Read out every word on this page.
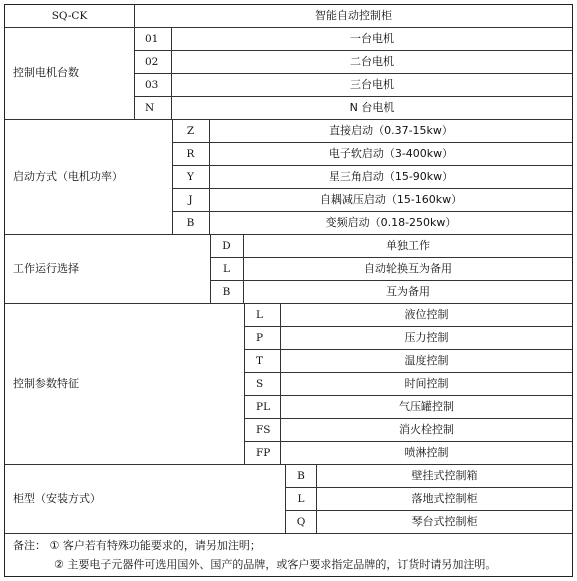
SQ-CK	智能自动控制柜
控制电机台数
01	一台电机
02	二台电机
03	三台电机
N	N 台电机
启动方式（电机功率）
Z	直接启动（0.37-15kw）
R	电子软启动（3-400kw）
Y	星三角启动（15-90kw）
J	自耦减压启动（15-160kw）
B	变频启动（0.18-250kw）
工作运行选择
D	单独工作
L	自动轮换互为备用
B	互为备用
控制参数特征
L	液位控制
P	压力控制
T	温度控制
S	时间控制
PL	气压罐控制
FS	消火栓控制
FP	喷淋控制
柜型（安装方式）
B	壁挂式控制箱
L	落地式控制柜
Q	琴台式控制柜
备注： ① 客户若有特殊功能要求的，请另加注明；
② 主要电子元器件可选用国外、国产的品牌，或客户要求指定品牌的，订货时请另加注明。
